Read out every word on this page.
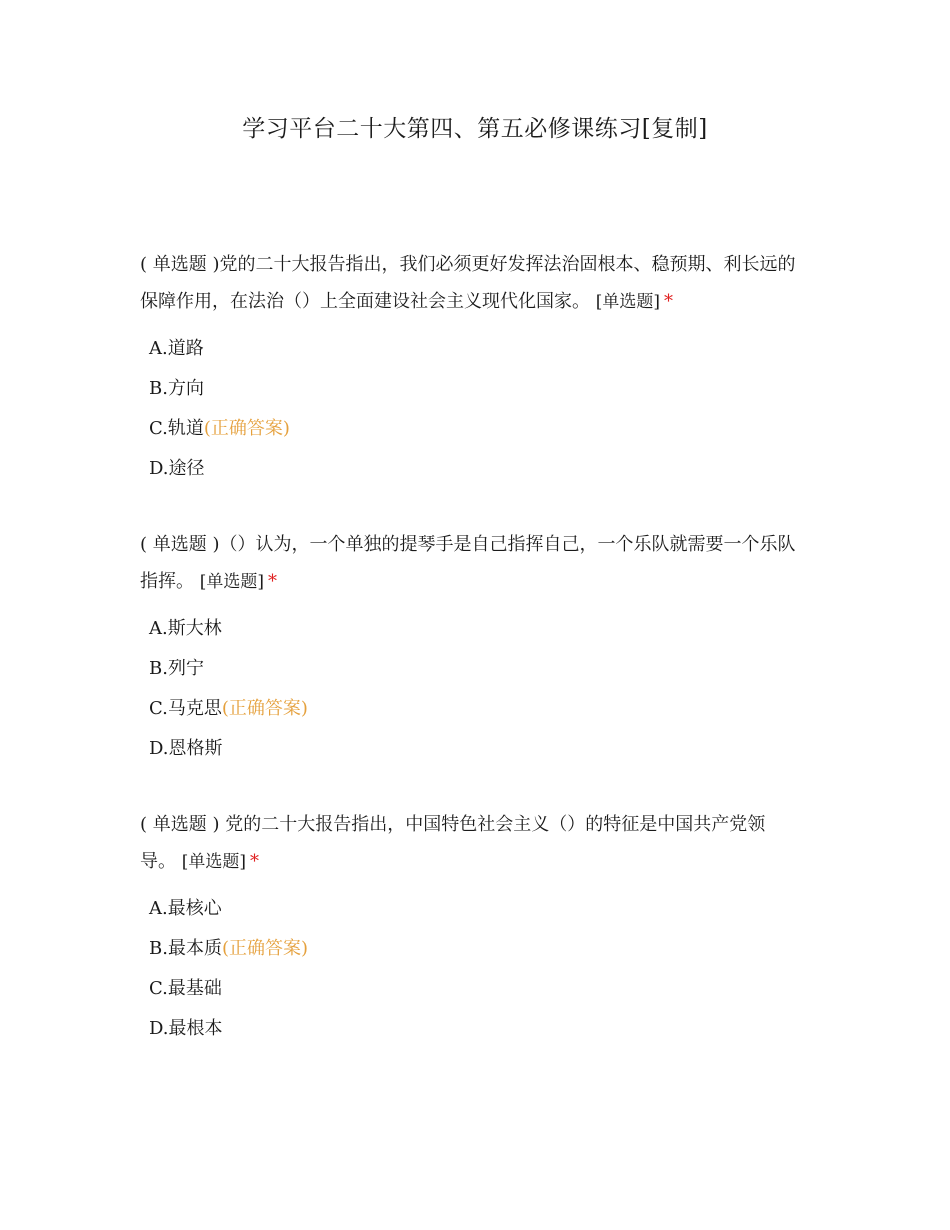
学习平台二十大第四、第五必修课练习[复制]

( 单选题 )党的二十大报告指出，我们必须更好发挥法治固根本、稳预期、利长远的保障作用，在法治（）上全面建设社会主义现代化国家。 [单选题] *

A.道路
B.方向
C.轨道(正确答案)
D.途径

( 单选题 )（）认为，一个单独的提琴手是自己指挥自己，一个乐队就需要一个乐队指挥。 [单选题] *

A.斯大林
B.列宁
C.马克思(正确答案)
D.恩格斯

( 单选题 ) 党的二十大报告指出，中国特色社会主义（）的特征是中国共产党领导。 [单选题] *

A.最核心
B.最本质(正确答案)
C.最基础
D.最根本
